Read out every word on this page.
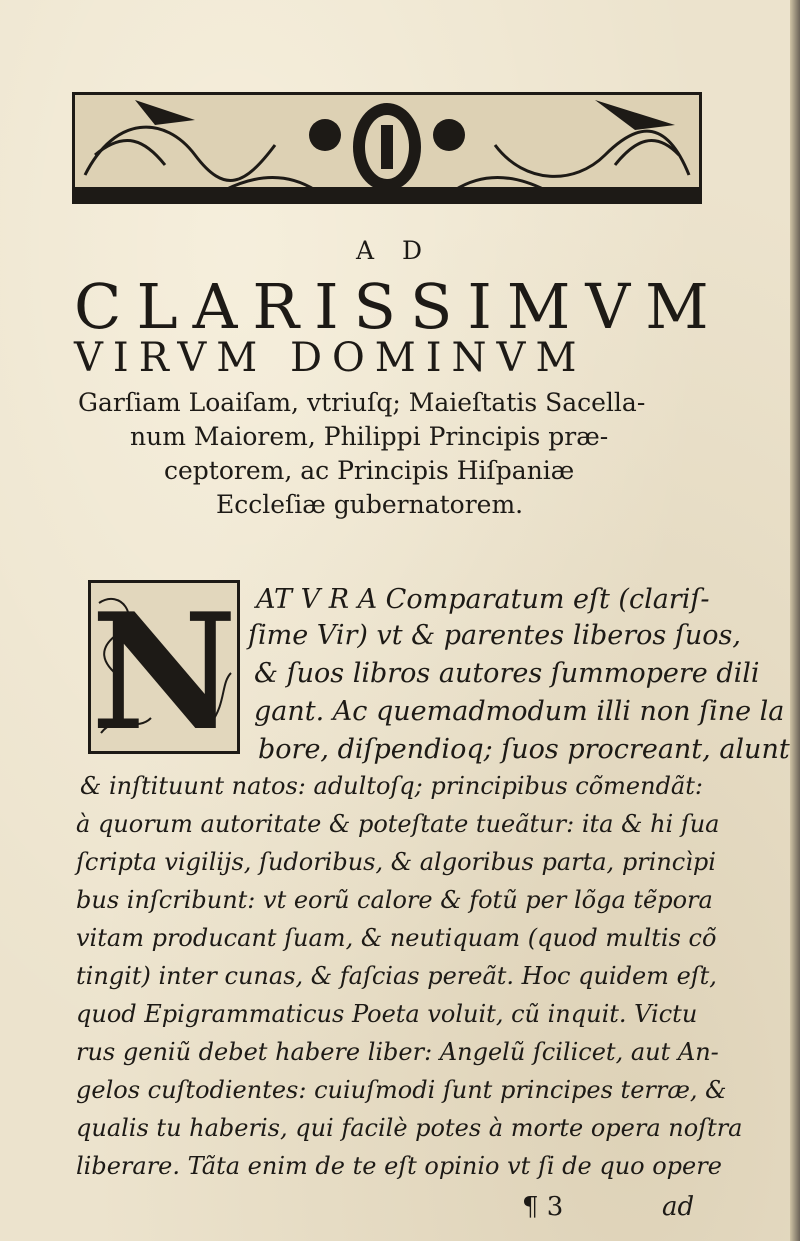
A D
CLARISSIMVM
VIRVM DOMINVM
Garſiam Loaiſam, vtriuſq; Maieſtatis Sacella-
num Maiorem, Philippi Principis præ-
ceptorem, ac Principis Hiſpaniæ
Eccleſiæ gubernatorem.
N AT V R A Comparatum eſt (clariſ-
ſime Vir) vt & parentes liberos ſuos,
& ſuos libros autores ſummopere dili
gant. Ac quemadmodum illi non ſine la
bore, diſpendioq; ſuos procreant, alunt
& inſtituunt natos: adultoſq; principibus cõmendãt:
à quorum autoritate & poteſtate tueãtur: ita & hi ſua
ſcripta vigilijs, ſudoribus, & algoribus parta, princìpi
bus inſcribunt: vt eorũ calore & fotũ per lõga tẽpora
vitam producant ſuam, & neutiquam (quod multis cõ
tingit) inter cunas, & faſcias pereãt. Hoc quidem eſt,
quod Epigrammaticus Poeta voluit, cũ inquit. Victu
rus geniũ debet habere liber: Angelũ ſcilicet, aut An-
gelos cuſtodientes: cuiuſmodi ſunt principes terræ, &
qualis tu haberis, qui facilè potes à morte opera noſtra
liberare. Tãta enim de te eſt opinio vt ſi de quo opere
¶ 3	ad
